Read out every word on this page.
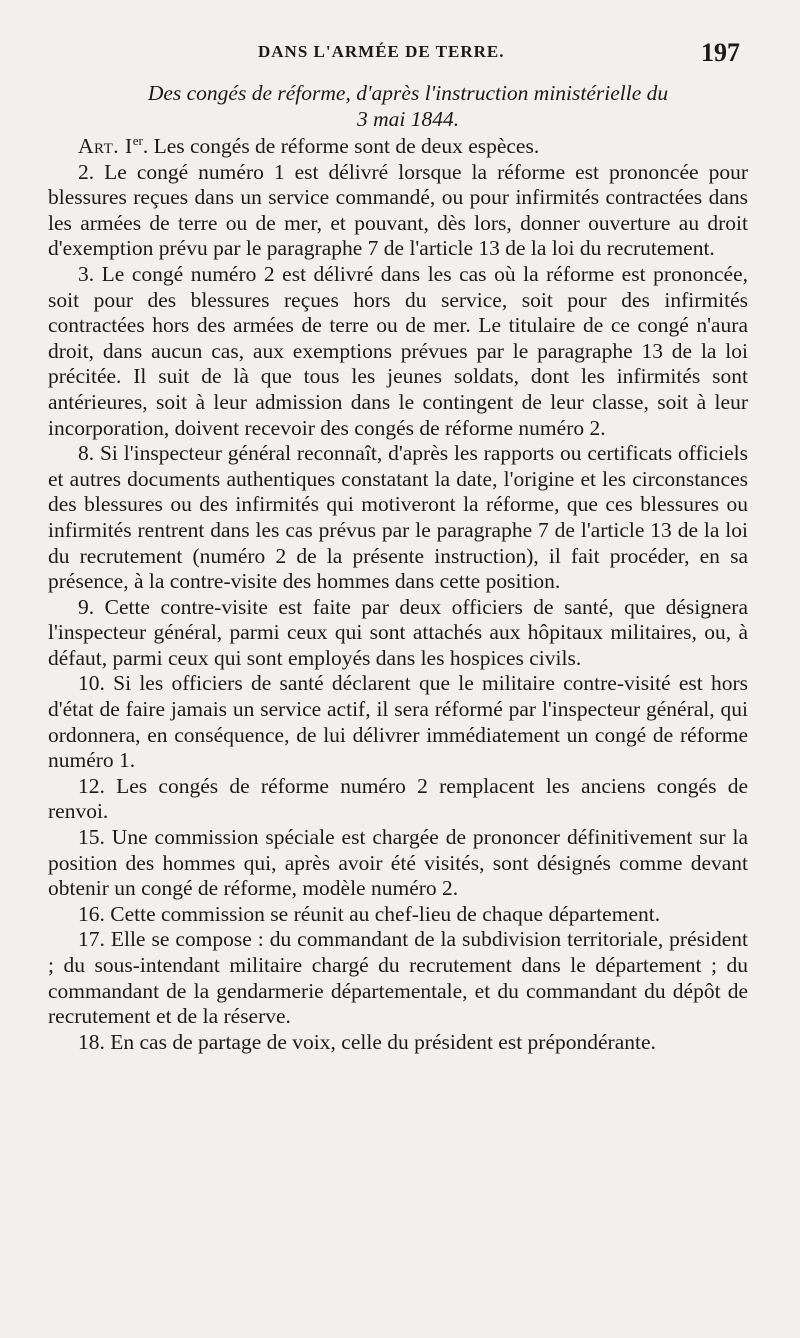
DANS L'ARMÉE DE TERRE.	197
Des congés de réforme, d'après l'instruction ministérielle du
3 mai 1844.

Art. Ier. Les congés de réforme sont de deux espèces.

2. Le congé numéro 1 est délivré lorsque la réforme est prononcée pour blessures reçues dans un service commandé, ou pour infirmités contractées dans les armées de terre ou de mer, et pouvant, dès lors, donner ouverture au droit d'exemption prévu par le paragraphe 7 de l'article 13 de la loi du recrutement.

3. Le congé numéro 2 est délivré dans les cas où la réforme est prononcée, soit pour des blessures reçues hors du service, soit pour des infirmités contractées hors des armées de terre ou de mer. Le titulaire de ce congé n'aura droit, dans aucun cas, aux exemptions prévues par le paragraphe 13 de la loi précitée. Il suit de là que tous les jeunes soldats, dont les infirmités sont antérieures, soit à leur admission dans le contingent de leur classe, soit à leur incorporation, doivent recevoir des congés de réforme numéro 2.

8. Si l'inspecteur général reconnaît, d'après les rapports ou certificats officiels et autres documents authentiques constatant la date, l'origine et les circonstances des blessures ou des infirmités qui motiveront la réforme, que ces blessures ou infirmités rentrent dans les cas prévus par le paragraphe 7 de l'article 13 de la loi du recrutement (numéro 2 de la présente instruction), il fait procéder, en sa présence, à la contre-visite des hommes dans cette position.

9. Cette contre-visite est faite par deux officiers de santé, que désignera l'inspecteur général, parmi ceux qui sont attachés aux hôpitaux militaires, ou, à défaut, parmi ceux qui sont employés dans les hospices civils.

10. Si les officiers de santé déclarent que le militaire contre-visité est hors d'état de faire jamais un service actif, il sera réformé par l'inspecteur général, qui ordonnera, en conséquence, de lui délivrer immédiatement un congé de réforme numéro 1.

12. Les congés de réforme numéro 2 remplacent les anciens congés de renvoi.

15. Une commission spéciale est chargée de prononcer définitivement sur la position des hommes qui, après avoir été visités, sont désignés comme devant obtenir un congé de réforme, modèle numéro 2.

16. Cette commission se réunit au chef-lieu de chaque département.

17. Elle se compose : du commandant de la subdivision territoriale, président ; du sous-intendant militaire chargé du recrutement dans le département ; du commandant de la gendarmerie départementale, et du commandant du dépôt de recrutement et de la réserve.

18. En cas de partage de voix, celle du président est prépondérante.
